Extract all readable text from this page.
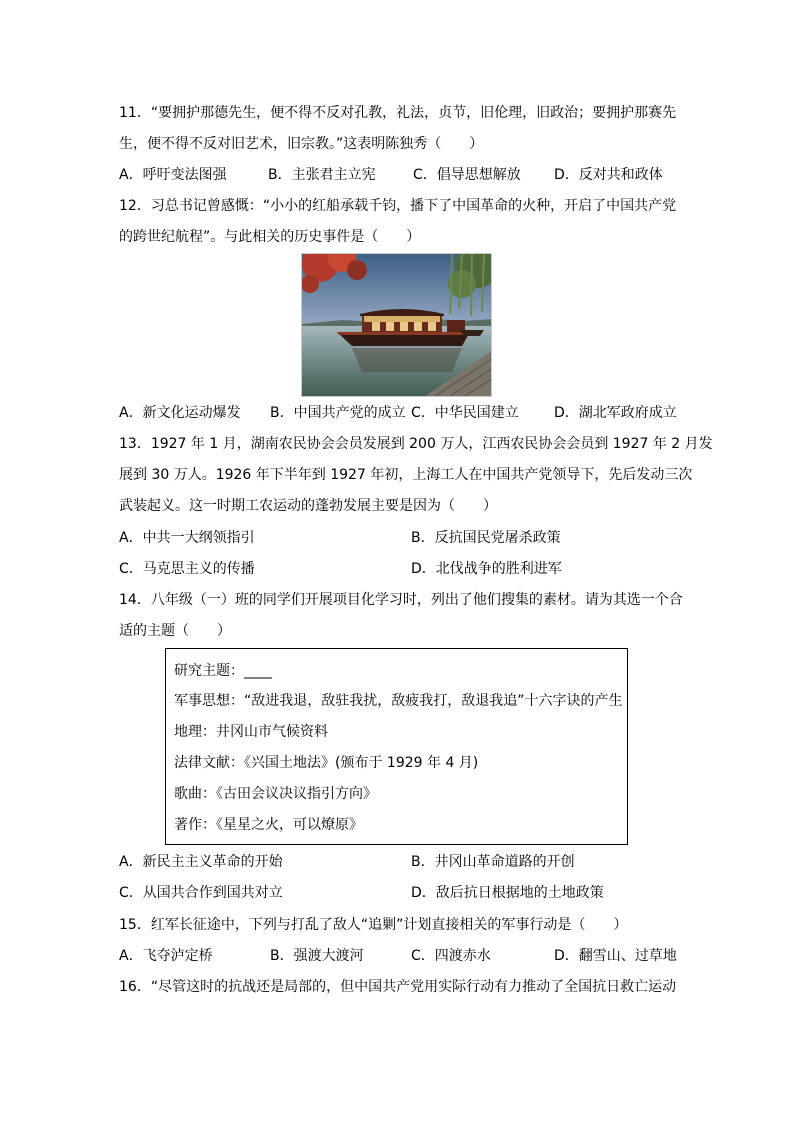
11．“要拥护那德先生，便不得不反对孔教，礼法，贞节，旧伦理，旧政治；要拥护那赛先
生，便不得不反对旧艺术，旧宗教。”这表明陈独秀（　　）
A．呼吁变法图强	B．主张君主立宪	C．倡导思想解放 D．反对共和政体
12．习总书记曾感慨：“小小的红船承载千钧，播下了中国革命的火种，开启了中国共产党
的跨世纪航程”。与此相关的历史事件是（　　）
A．新文化运动爆发 B．中国共产党的成立 C．中华民国建立	D．湖北军政府成立
13．1927 年 1 月，湖南农民协会会员发展到 200 万人，江西农民协会会员到 1927 年 2 月发
展到 30 万人。1926 年下半年到 1927 年初，上海工人在中国共产党领导下，先后发动三次
武装起义。这一时期工农运动的蓬勃发展主要是因为（　　）
A．中共一大纲领指引	B．反抗国民党屠杀政策
C．马克思主义的传播	D．北伐战争的胜利进军
14．八年级（一）班的同学们开展项目化学习时，列出了他们搜集的素材。请为其选一个合
适的主题（　　）
研究主题：____
军事思想：“敌进我退，敌驻我扰，敌疲我打，敌退我追”十六字诀的产生
地理：井冈山市气候资料
法律文献：《兴国土地法》(颁布于 1929 年 4 月)
歌曲：《古田会议决议指引方向》
著作：《星星之火，可以燎原》
A．新民主主义革命的开始	B．井冈山革命道路的开创
C．从国共合作到国共对立	D．敌后抗日根据地的土地政策
15．红军长征途中，下列与打乱了敌人“追剿”计划直接相关的军事行动是（　　）
A．飞夺泸定桥	B．强渡大渡河	C．四渡赤水	D．翻雪山、过草地
16．“尽管这时的抗战还是局部的，但中国共产党用实际行动有力推动了全国抗日救亡运动
